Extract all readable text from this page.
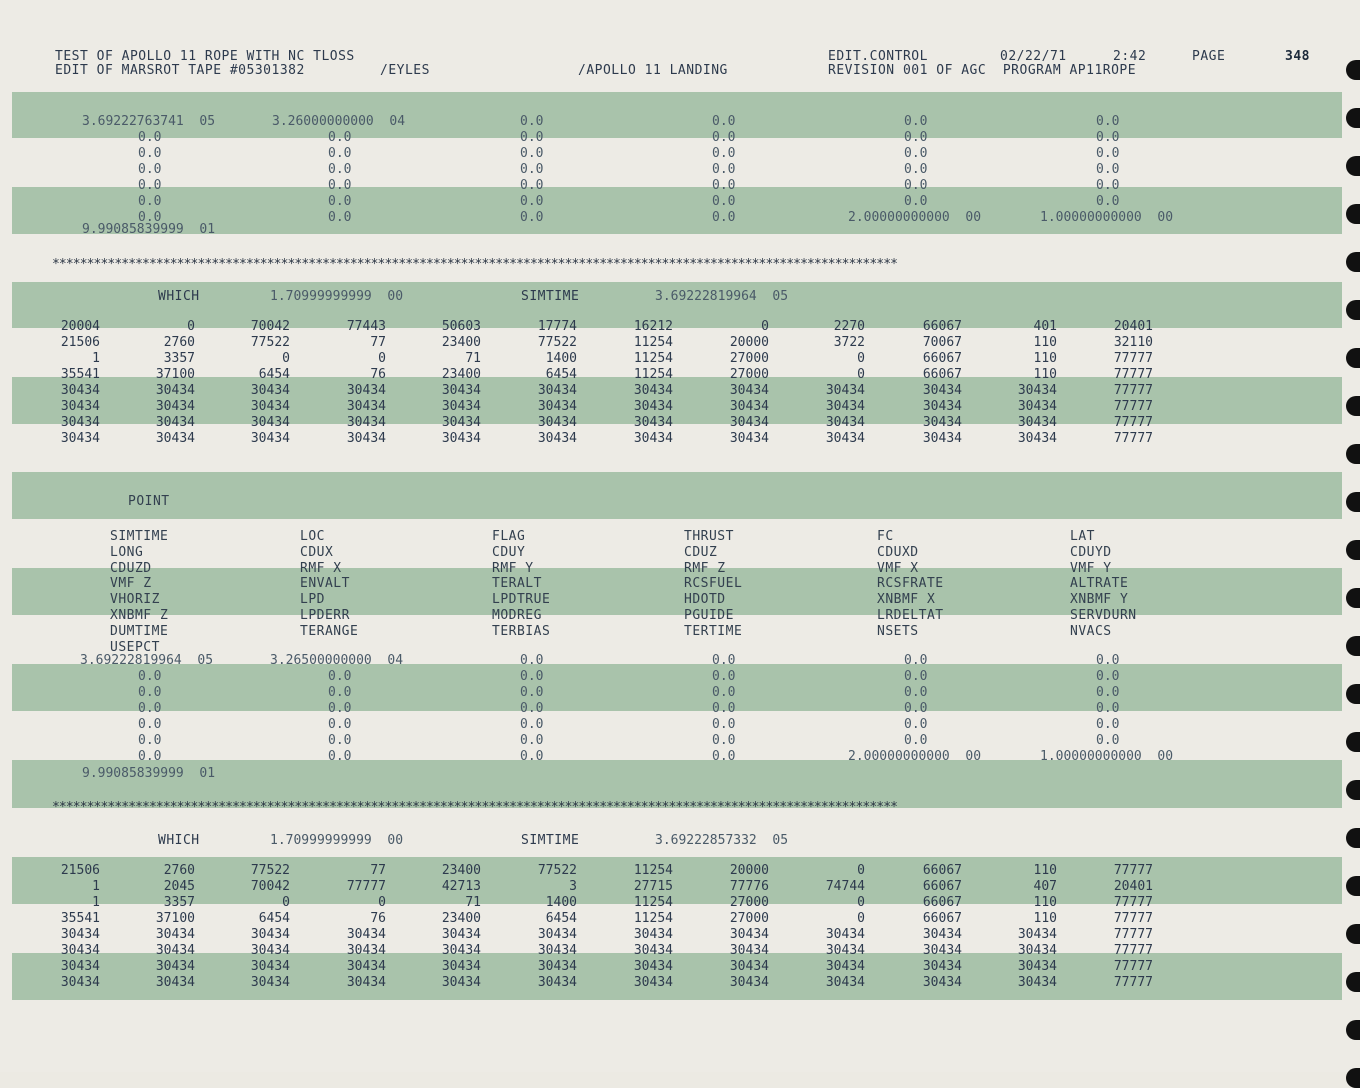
TEST OF APOLLO 11 ROPE WITH NC TLOSS
EDIT OF MARSROT TAPE #05301382	/EYLES	/APOLLO 11 LANDING
EDIT.CONTROL	02/22/71	2:42	PAGE	348
REVISION 001 OF AGC  PROGRAM AP11ROPE
3.69222763741  05	3.26000000000  04	0.0	0.0	0.0	0.0
0.0	0.0	0.0	0.0	0.0	0.0
0.0	0.0	0.0	0.0	0.0	0.0
0.0	0.0	0.0	0.0	0.0	0.0
0.0	0.0	0.0	0.0	0.0	0.0
0.0	0.0	0.0	0.0	0.0	0.0
0.0	0.0	0.0	0.0	2.00000000000  00	1.00000000000  00
9.99085839999  01
**************************************************************************************************************************
WHICH	1.70999999999  00	SIMTIME	3.69222819964  05
20004	0	70042	77443	50603	17774	16212	0	2270	66067	401	20401
21506	2760	77522	77	23400	77522	11254	20000	3722	70067	110	32110
1	3357	0	0	71	1400	11254	27000	0	66067	110	77777
35541	37100	6454	76	23400	6454	11254	27000	0	66067	110	77777
30434	30434	30434	30434	30434	30434	30434	30434	30434	30434	30434	77777
30434	30434	30434	30434	30434	30434	30434	30434	30434	30434	30434	77777
30434	30434	30434	30434	30434	30434	30434	30434	30434	30434	30434	77777
30434	30434	30434	30434	30434	30434	30434	30434	30434	30434	30434	77777
POINT
SIMTIME	LOC	FLAG	THRUST	FC	LAT
LONG	CDUX	CDUY	CDUZ	CDUXD	CDUYD
CDUZD	RMF X	RMF Y	RMF Z	VMF X	VMF Y
VMF Z	ENVALT	TERALT	RCSFUEL	RCSFRATE	ALTRATE
VHORIZ	LPD	LPDTRUE	HDOTD	XNBMF X	XNBMF Y
XNBMF Z	LPDERR	MODREG	PGUIDE	LRDELTAT	SERVDURN
DUMTIME	TERANGE	TERBIAS	TERTIME	NSETS	NVACS
USEPCT
3.69222819964  05	3.26500000000  04	0.0	0.0	0.0	0.0
0.0	0.0	0.0	0.0	0.0	0.0
0.0	0.0	0.0	0.0	0.0	0.0
0.0	0.0	0.0	0.0	0.0	0.0
0.0	0.0	0.0	0.0	0.0	0.0
0.0	0.0	0.0	0.0	0.0	0.0
0.0	0.0	0.0	0.0	2.00000000000  00	1.00000000000  00
9.99085839999  01
**************************************************************************************************************************
WHICH	1.70999999999  00	SIMTIME	3.69222857332  05
21506	2760	77522	77	23400	77522	11254	20000	0	66067	110	77777
1	2045	70042	77777	42713	3	27715	77776	74744	66067	407	20401
1	3357	0	0	71	1400	11254	27000	0	66067	110	77777
35541	37100	6454	76	23400	6454	11254	27000	0	66067	110	77777
30434	30434	30434	30434	30434	30434	30434	30434	30434	30434	30434	77777
30434	30434	30434	30434	30434	30434	30434	30434	30434	30434	30434	77777
30434	30434	30434	30434	30434	30434	30434	30434	30434	30434	30434	77777
30434	30434	30434	30434	30434	30434	30434	30434	30434	30434	30434	77777
